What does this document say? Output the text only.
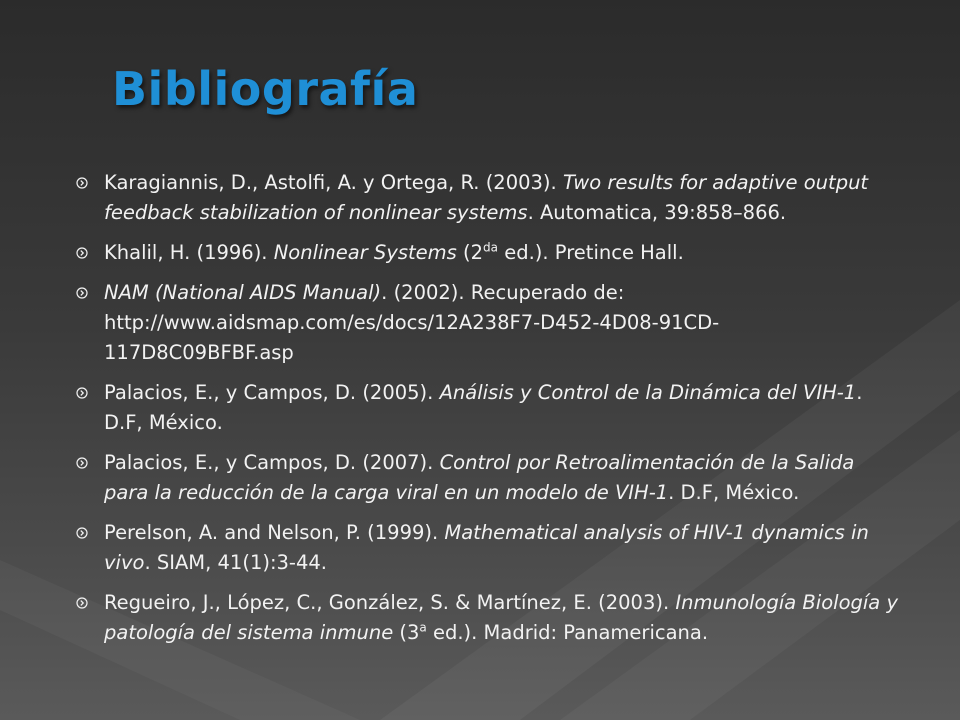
Bibliografía
Karagiannis, D., Astolfi, A. y Ortega, R. (2003). Two results for adaptive output feedback stabilization of nonlinear systems. Automatica, 39:858–866.
Khalil, H. (1996). Nonlinear Systems ($2^{da}$ ed.). Pretince Hall.
NAM (National AIDS Manual). (2002). Recuperado de: http://www.aidsmap.com/es/docs/12A238F7-D452-4D08-91CD-117D8C09BFBF.asp
Palacios, E., y Campos, D. (2005). Análisis y Control de la Dinámica del VIH-1. D.F, México.
Palacios, E., y Campos, D. (2007). Control por Retroalimentación de la Salida para la reducción de la carga viral en un modelo de VIH-1. D.F, México.
Perelson, A. and Nelson, P. (1999). Mathematical analysis of HIV-1 dynamics in vivo. SIAM, 41(1):3-44.
Regueiro, J., López, C., González, S. & Martínez, E. (2003). Inmunología Biología y patología del sistema inmune (3$^a$ ed.). Madrid: Panamericana.
